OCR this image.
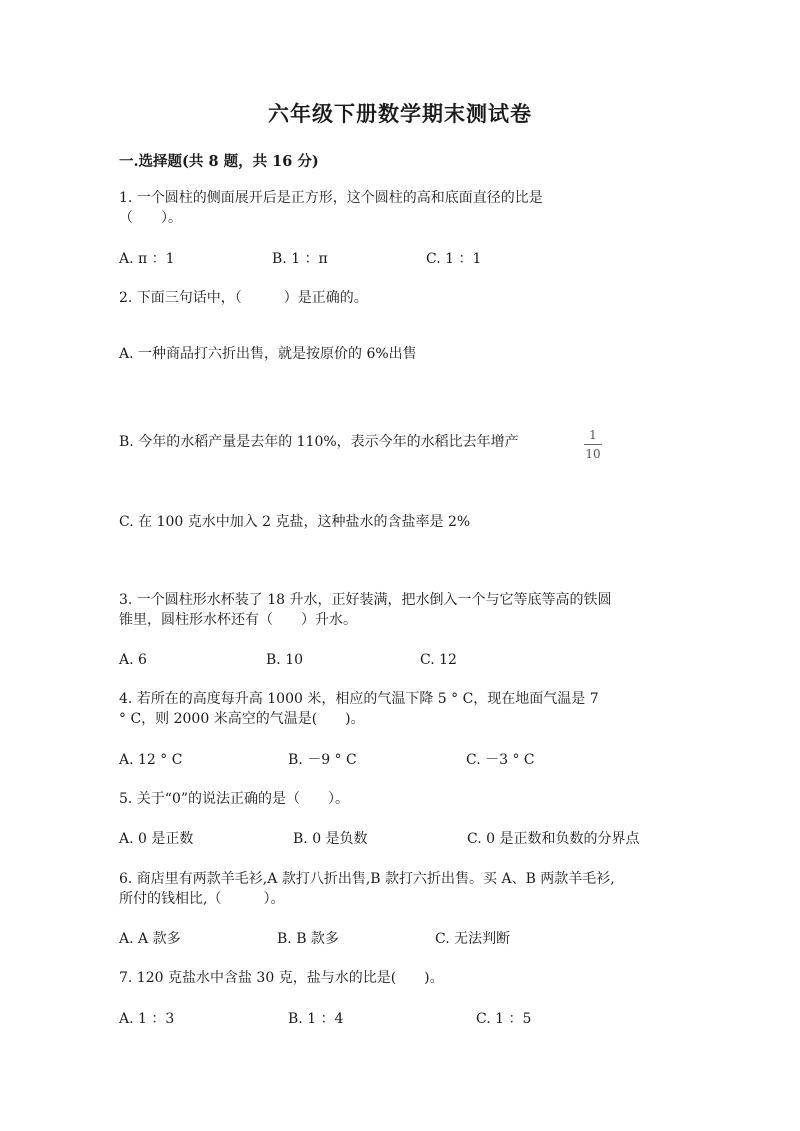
六年级下册数学期末测试卷
一.选择题(共 8 题，共 16 分)
1. 一个圆柱的侧面展开后是正方形，这个圆柱的高和底面直径的比是
（　　）。
A. π ：1	B. 1 ：π	C. 1 ：1
2. 下面三句话中，（　　　）是正确的。
A. 一种商品打六折出售，就是按原价的 6%出售
B. 今年的水稻产量是去年的 110%，表示今年的水稻比去年增产	1
10
C. 在 100 克水中加入 2 克盐，这种盐水的含盐率是 2%
3. 一个圆柱形水杯装了 18 升水，正好装满，把水倒入一个与它等底等高的铁圆
锥里，圆柱形水杯还有（　　）升水。
A. 6	B. 10	C. 12
4. 若所在的高度每升高 1000 米，相应的气温下降 5 ° C，现在地面气温是 7
° C，则 2000 米高空的气温是(　　)。
A. 12 ° C	B. －9 ° C	C. －3 ° C
5. 关于“0”的说法正确的是（　　）。
A. 0 是正数	B. 0 是负数	C. 0 是正数和负数的分界点
6. 商店里有两款羊毛衫,A 款打八折出售,B 款打六折出售。买 A、B 两款羊毛衫,
所付的钱相比,（　　　）。
A. A 款多	B. B 款多	C. 无法判断
7. 120 克盐水中含盐 30 克，盐与水的比是(　　)。
A. 1 ：3	B. 1 ：4	C. 1 ：5
